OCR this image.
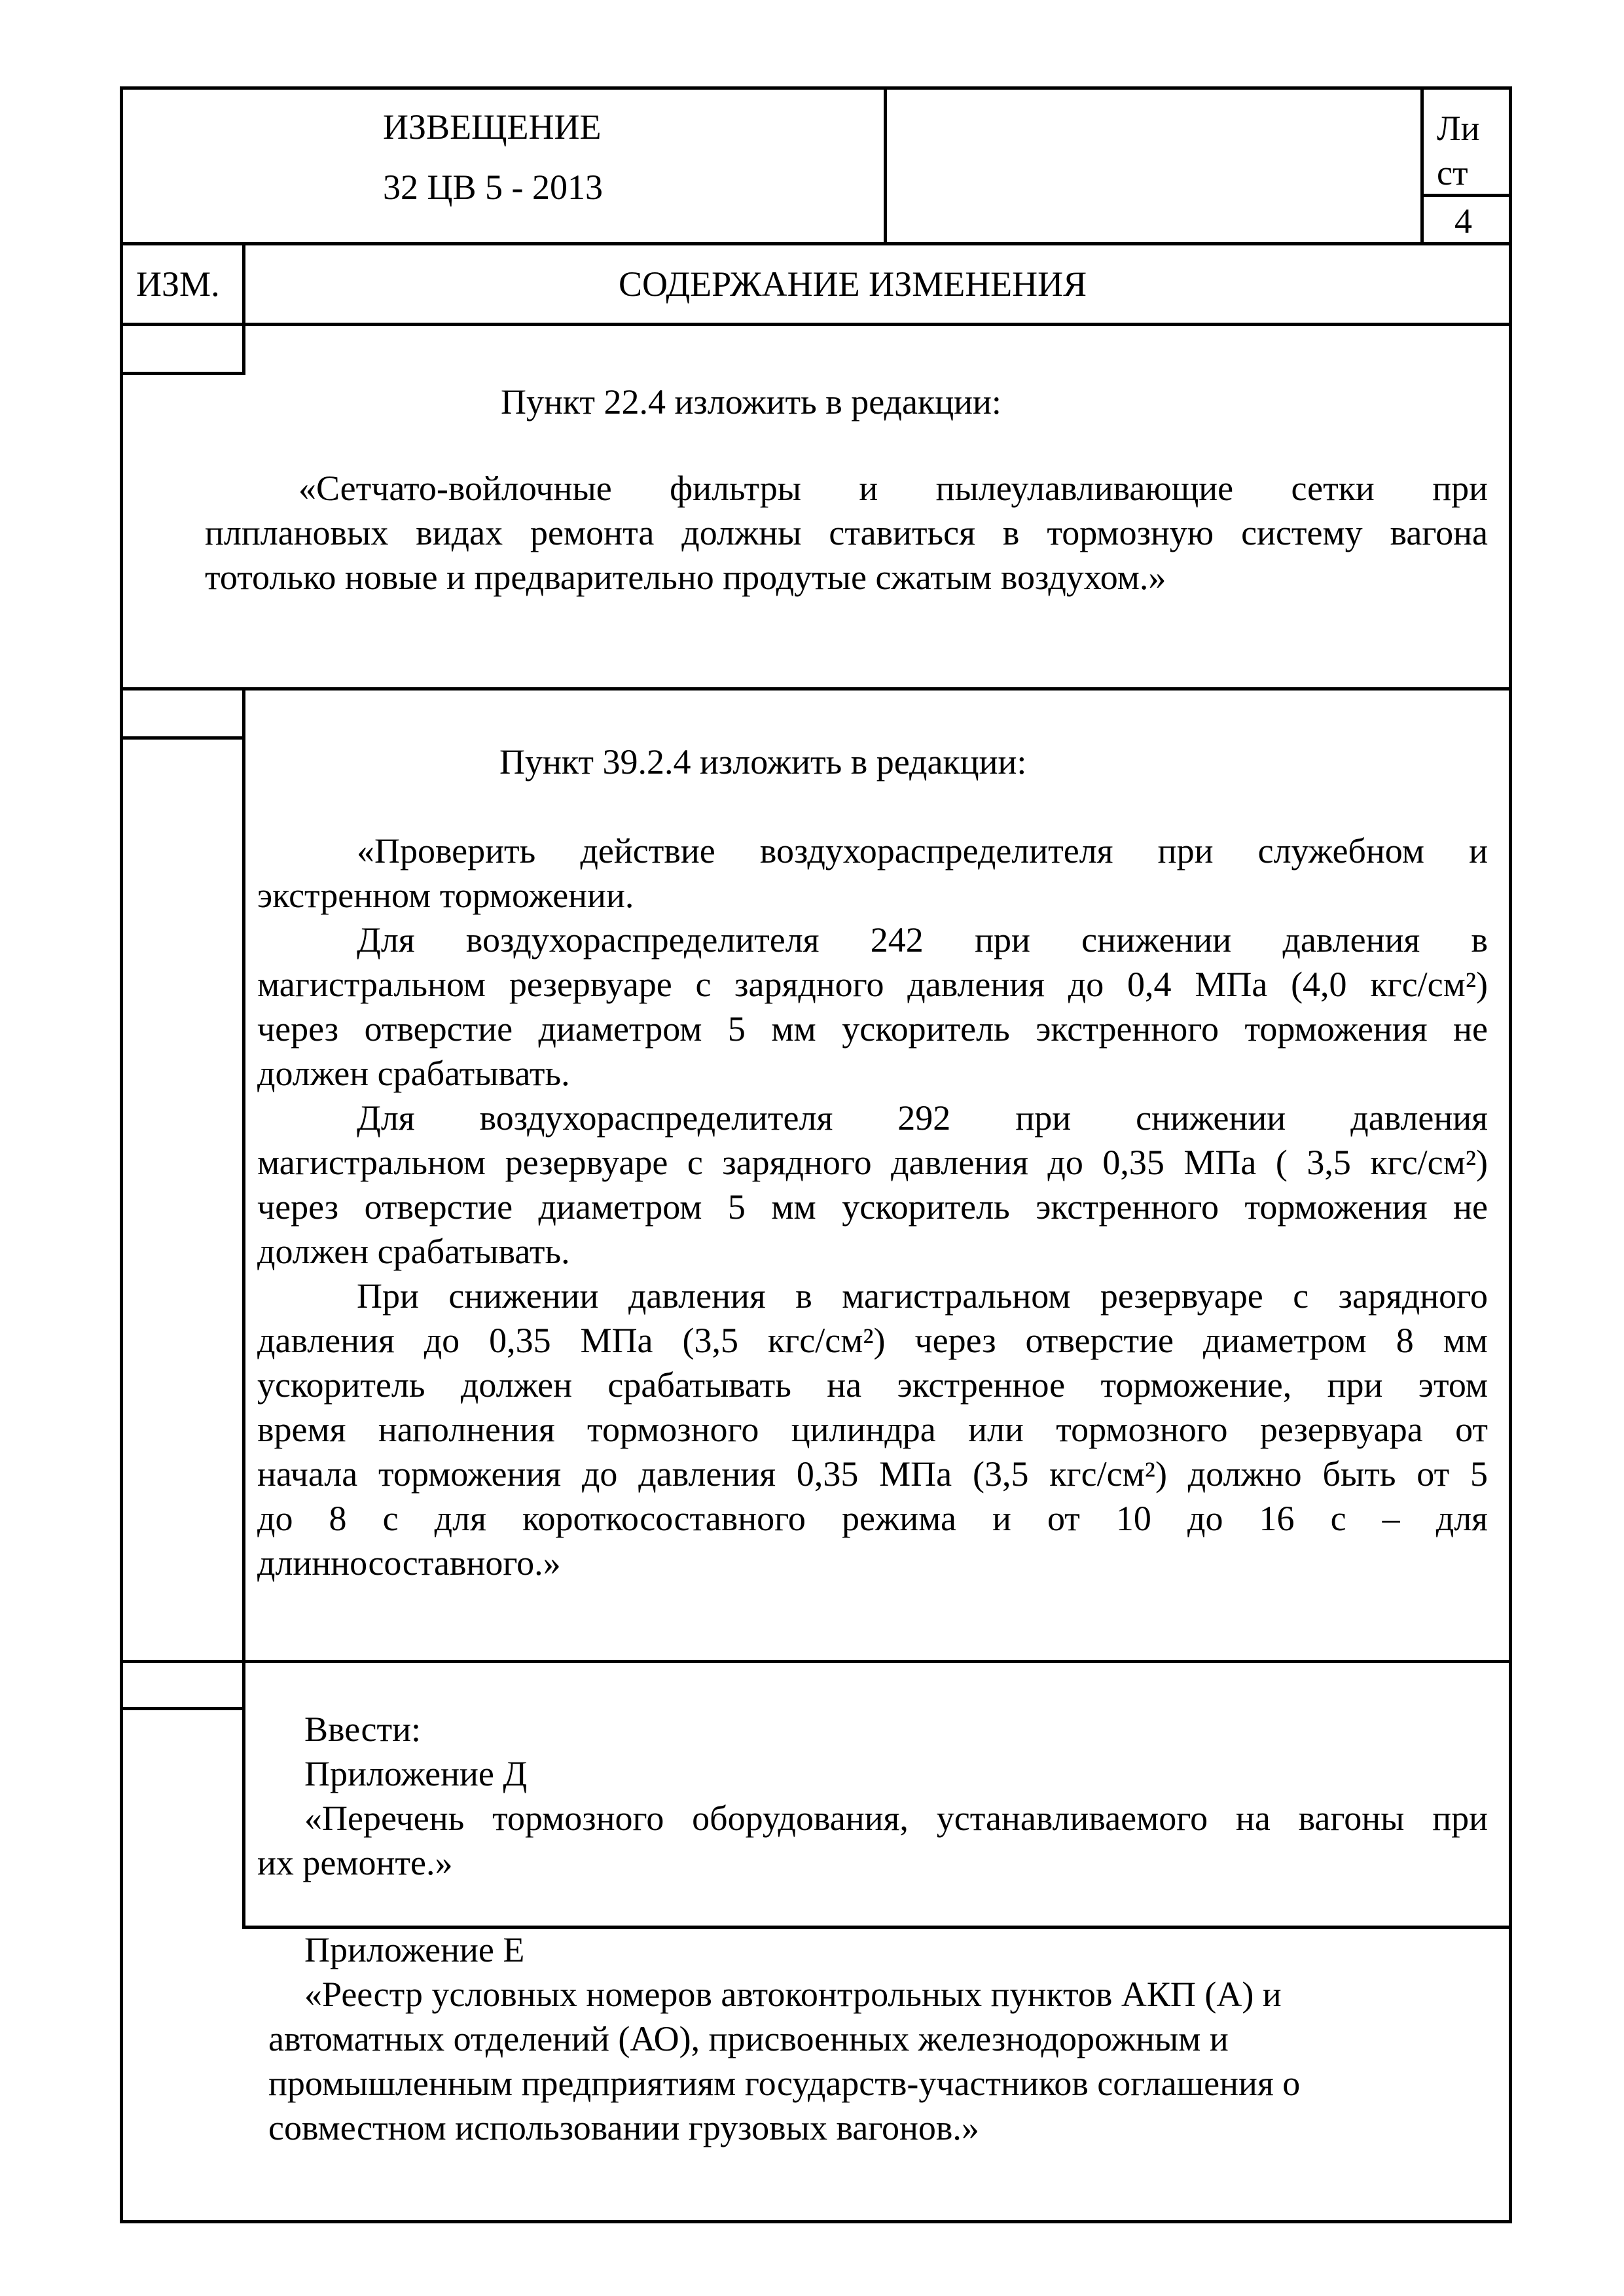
ИЗВЕЩЕНИЕ
32 ЦВ 5 - 2013
Ли
ст
4
ИЗМ.	СОДЕРЖАНИЕ ИЗМЕНЕНИЯ
Пункт 22.4 изложить в редакции:
«Сетчато-войлочные фильтры и пылеулавливающие сетки при
плплановых видах ремонта должны ставиться в тормозную систему вагона
тотолько новые и предварительно продутые сжатым воздухом.»
Пункт 39.2.4 изложить в редакции:
«Проверить действие воздухораспределителя при служебном и
экстренном торможении.
Для воздухораспределителя 242 при снижении давления в
магистральном резервуаре с зарядного давления до 0,4 МПа (4,0 кгс/см²)
через отверстие диаметром 5 мм ускоритель экстренного торможения не
должен срабатывать.
Для воздухораспределителя 292 при снижении давления
магистральном резервуаре с зарядного давления до 0,35 МПа ( 3,5 кгс/см²)
через отверстие диаметром 5 мм ускоритель экстренного торможения не
должен срабатывать.
При снижении давления в магистральном резервуаре с зарядного
давления до 0,35 МПа (3,5 кгс/см²) через отверстие диаметром 8 мм
ускоритель должен срабатывать на экстренное торможение, при этом
время наполнения тормозного цилиндра или тормозного резервуара от
начала торможения до давления 0,35 МПа (3,5 кгс/см²) должно быть от 5
до 8 с для короткосоставного режима и от 10 до 16 с – для
длинносоставного.»
Ввести:
Приложение Д
«Перечень тормозного оборудования, устанавливаемого на вагоны при
их ремонте.»
Приложение Е
«Реестр условных номеров автоконтрольных пунктов АКП (А) и
автоматных отделений (АО), присвоенных железнодорожным и
промышленным предприятиям государств-участников соглашения о
совместном использовании грузовых вагонов.»
